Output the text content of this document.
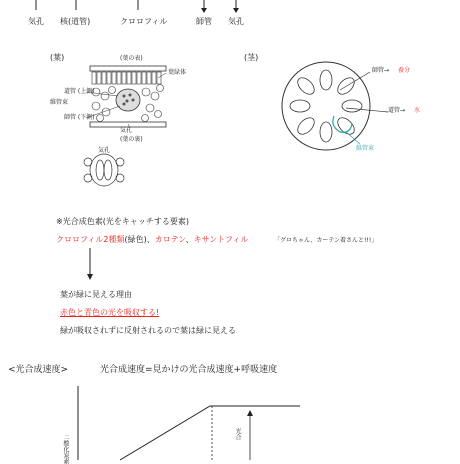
気孔 核(道管)	クロロフィル	師管 気孔
(葉)	(葉の表)
葉緑体
道管 (上側)
維管束
師管 (下側)
気孔
(葉の裏)
気孔
(茎)
師管→ 養分
道管→ 水
維管束
※光合成色素(光をキャッチする要素)
クロロフィル2種類(緑色)、カロテン、キサントフィル	「グロちゃん、カーテン着さんと!!!」
葉が緑に見える理由
赤色と青色の光を吸収する!
緑が吸収されずに反射されるので葉は緑に見える
<光合成速度>	光合成速度=見かけの光合成速度+呼吸速度
二酸化炭素	光合
